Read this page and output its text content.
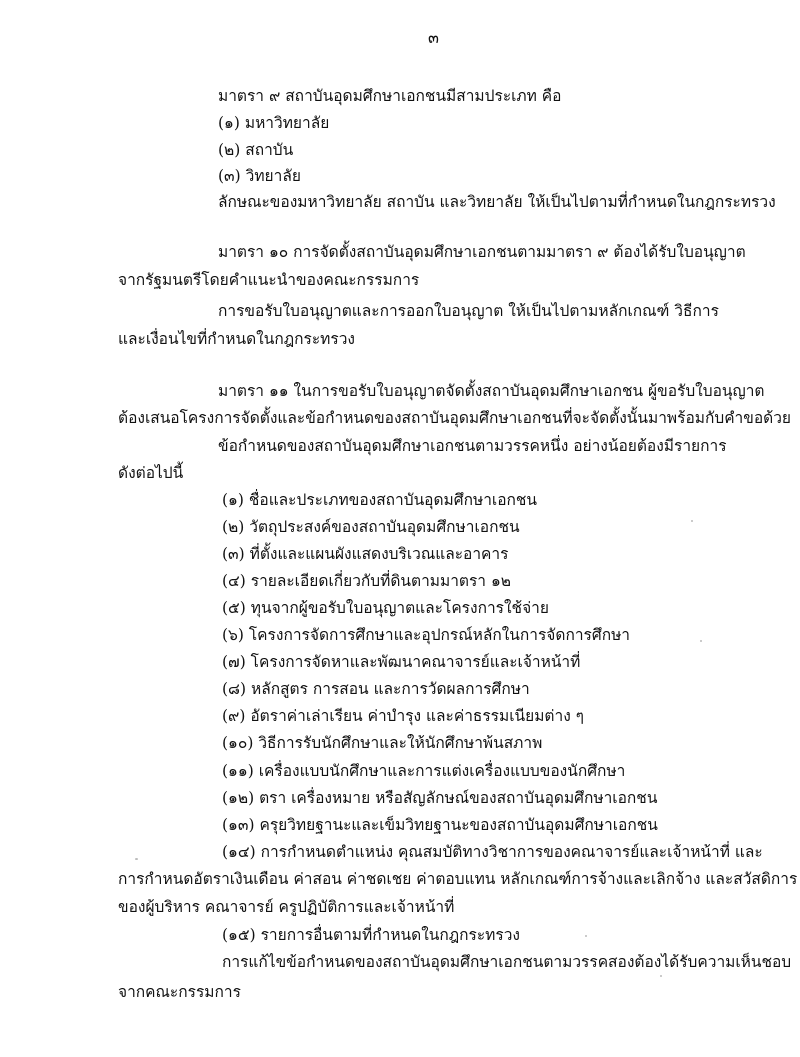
๓
มาตรา ๙ สถาบันอุดมศึกษาเอกชนมีสามประเภท คือ
(๑) มหาวิทยาลัย
(๒) สถาบัน
(๓) วิทยาลัย
ลักษณะของมหาวิทยาลัย สถาบัน และวิทยาลัย ให้เป็นไปตามที่กำหนดในกฎกระทรวง
มาตรา ๑๐ การจัดตั้งสถาบันอุดมศึกษาเอกชนตามมาตรา ๙ ต้องได้รับใบอนุญาต
จากรัฐมนตรีโดยคำแนะนำของคณะกรรมการ
การขอรับใบอนุญาตและการออกใบอนุญาต ให้เป็นไปตามหลักเกณฑ์ วิธีการ
และเงื่อนไขที่กำหนดในกฎกระทรวง
มาตรา ๑๑ ในการขอรับใบอนุญาตจัดตั้งสถาบันอุดมศึกษาเอกชน ผู้ขอรับใบอนุญาต
ต้องเสนอโครงการจัดตั้งและข้อกำหนดของสถาบันอุดมศึกษาเอกชนที่จะจัดตั้งนั้นมาพร้อมกับคำขอด้วย
ข้อกำหนดของสถาบันอุดมศึกษาเอกชนตามวรรคหนึ่ง อย่างน้อยต้องมีรายการ
ดังต่อไปนี้
(๑) ชื่อและประเภทของสถาบันอุดมศึกษาเอกชน
(๒) วัตถุประสงค์ของสถาบันอุดมศึกษาเอกชน
(๓) ที่ตั้งและแผนผังแสดงบริเวณและอาคาร
(๔) รายละเอียดเกี่ยวกับที่ดินตามมาตรา ๑๒
(๕) ทุนจากผู้ขอรับใบอนุญาตและโครงการใช้จ่าย
(๖) โครงการจัดการศึกษาและอุปกรณ์หลักในการจัดการศึกษา
(๗) โครงการจัดหาและพัฒนาคณาจารย์และเจ้าหน้าที่
(๘) หลักสูตร การสอน และการวัดผลการศึกษา
(๙) อัตราค่าเล่าเรียน ค่าบำรุง และค่าธรรมเนียมต่าง ๆ
(๑๐) วิธีการรับนักศึกษาและให้นักศึกษาพ้นสภาพ
(๑๑) เครื่องแบบนักศึกษาและการแต่งเครื่องแบบของนักศึกษา
(๑๒) ตรา เครื่องหมาย หรือสัญลักษณ์ของสถาบันอุดมศึกษาเอกชน
(๑๓) ครุยวิทยฐานะและเข็มวิทยฐานะของสถาบันอุดมศึกษาเอกชน
(๑๔) การกำหนดตำแหน่ง คุณสมบัติทางวิชาการของคณาจารย์และเจ้าหน้าที่ และ
การกำหนดอัตราเงินเดือน ค่าสอน ค่าชดเชย ค่าตอบแทน หลักเกณฑ์การจ้างและเลิกจ้าง และสวัสดิการ
ของผู้บริหาร คณาจารย์ ครูปฏิบัติการและเจ้าหน้าที่
(๑๕) รายการอื่นตามที่กำหนดในกฎกระทรวง
การแก้ไขข้อกำหนดของสถาบันอุดมศึกษาเอกชนตามวรรคสองต้องได้รับความเห็นชอบ
จากคณะกรรมการ
